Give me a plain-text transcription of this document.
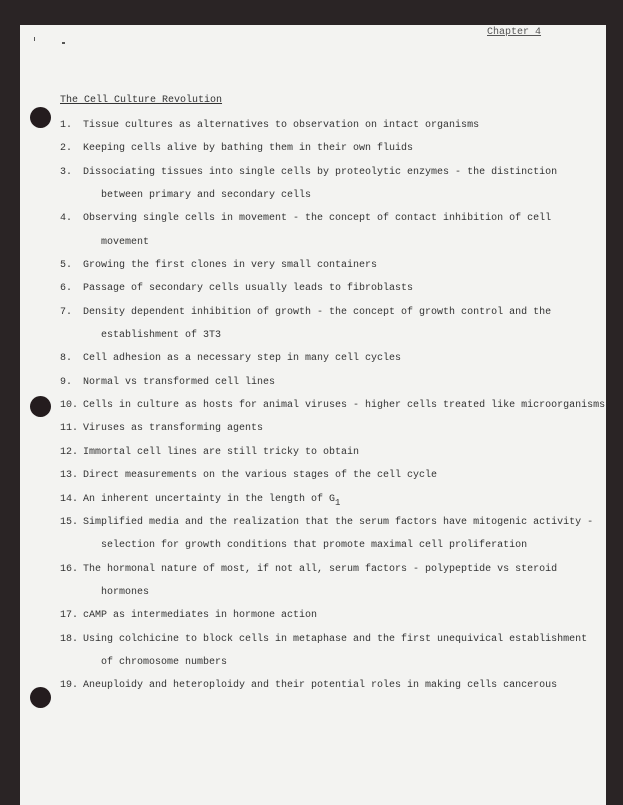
Chapter 4
The Cell Culture Revolution
1. Tissue cultures as alternatives to observation on intact organisms
2. Keeping cells alive by bathing them in their own fluids
3. Dissociating tissues into single cells by proteolytic enzymes - the distinction
between primary and secondary cells
4. Observing single cells in movement - the concept of contact inhibition of cell
movement
5. Growing the first clones in very small containers
6. Passage of secondary cells usually leads to fibroblasts
7. Density dependent inhibition of growth - the concept of growth control and the
establishment of 3T3
8. Cell adhesion as a necessary step in many cell cycles
9. Normal vs transformed cell lines
10. Cells in culture as hosts for animal viruses - higher cells treated like microorganisms
11. Viruses as transforming agents
12. Immortal cell lines are still tricky to obtain
13. Direct measurements on the various stages of the cell cycle
14. An inherent uncertainty in the length of $G_1$
15. Simplified media and the realization that the serum factors have mitogenic activity -
selection for growth conditions that promote maximal cell proliferation
16. The hormonal nature of most, if not all, serum factors - polypeptide vs steroid
hormones
17. cAMP as intermediates in hormone action
18. Using colchicine to block cells in metaphase and the first unequivical establishment
of chromosome numbers
19. Aneuploidy and heteroploidy and their potential roles in making cells cancerous
